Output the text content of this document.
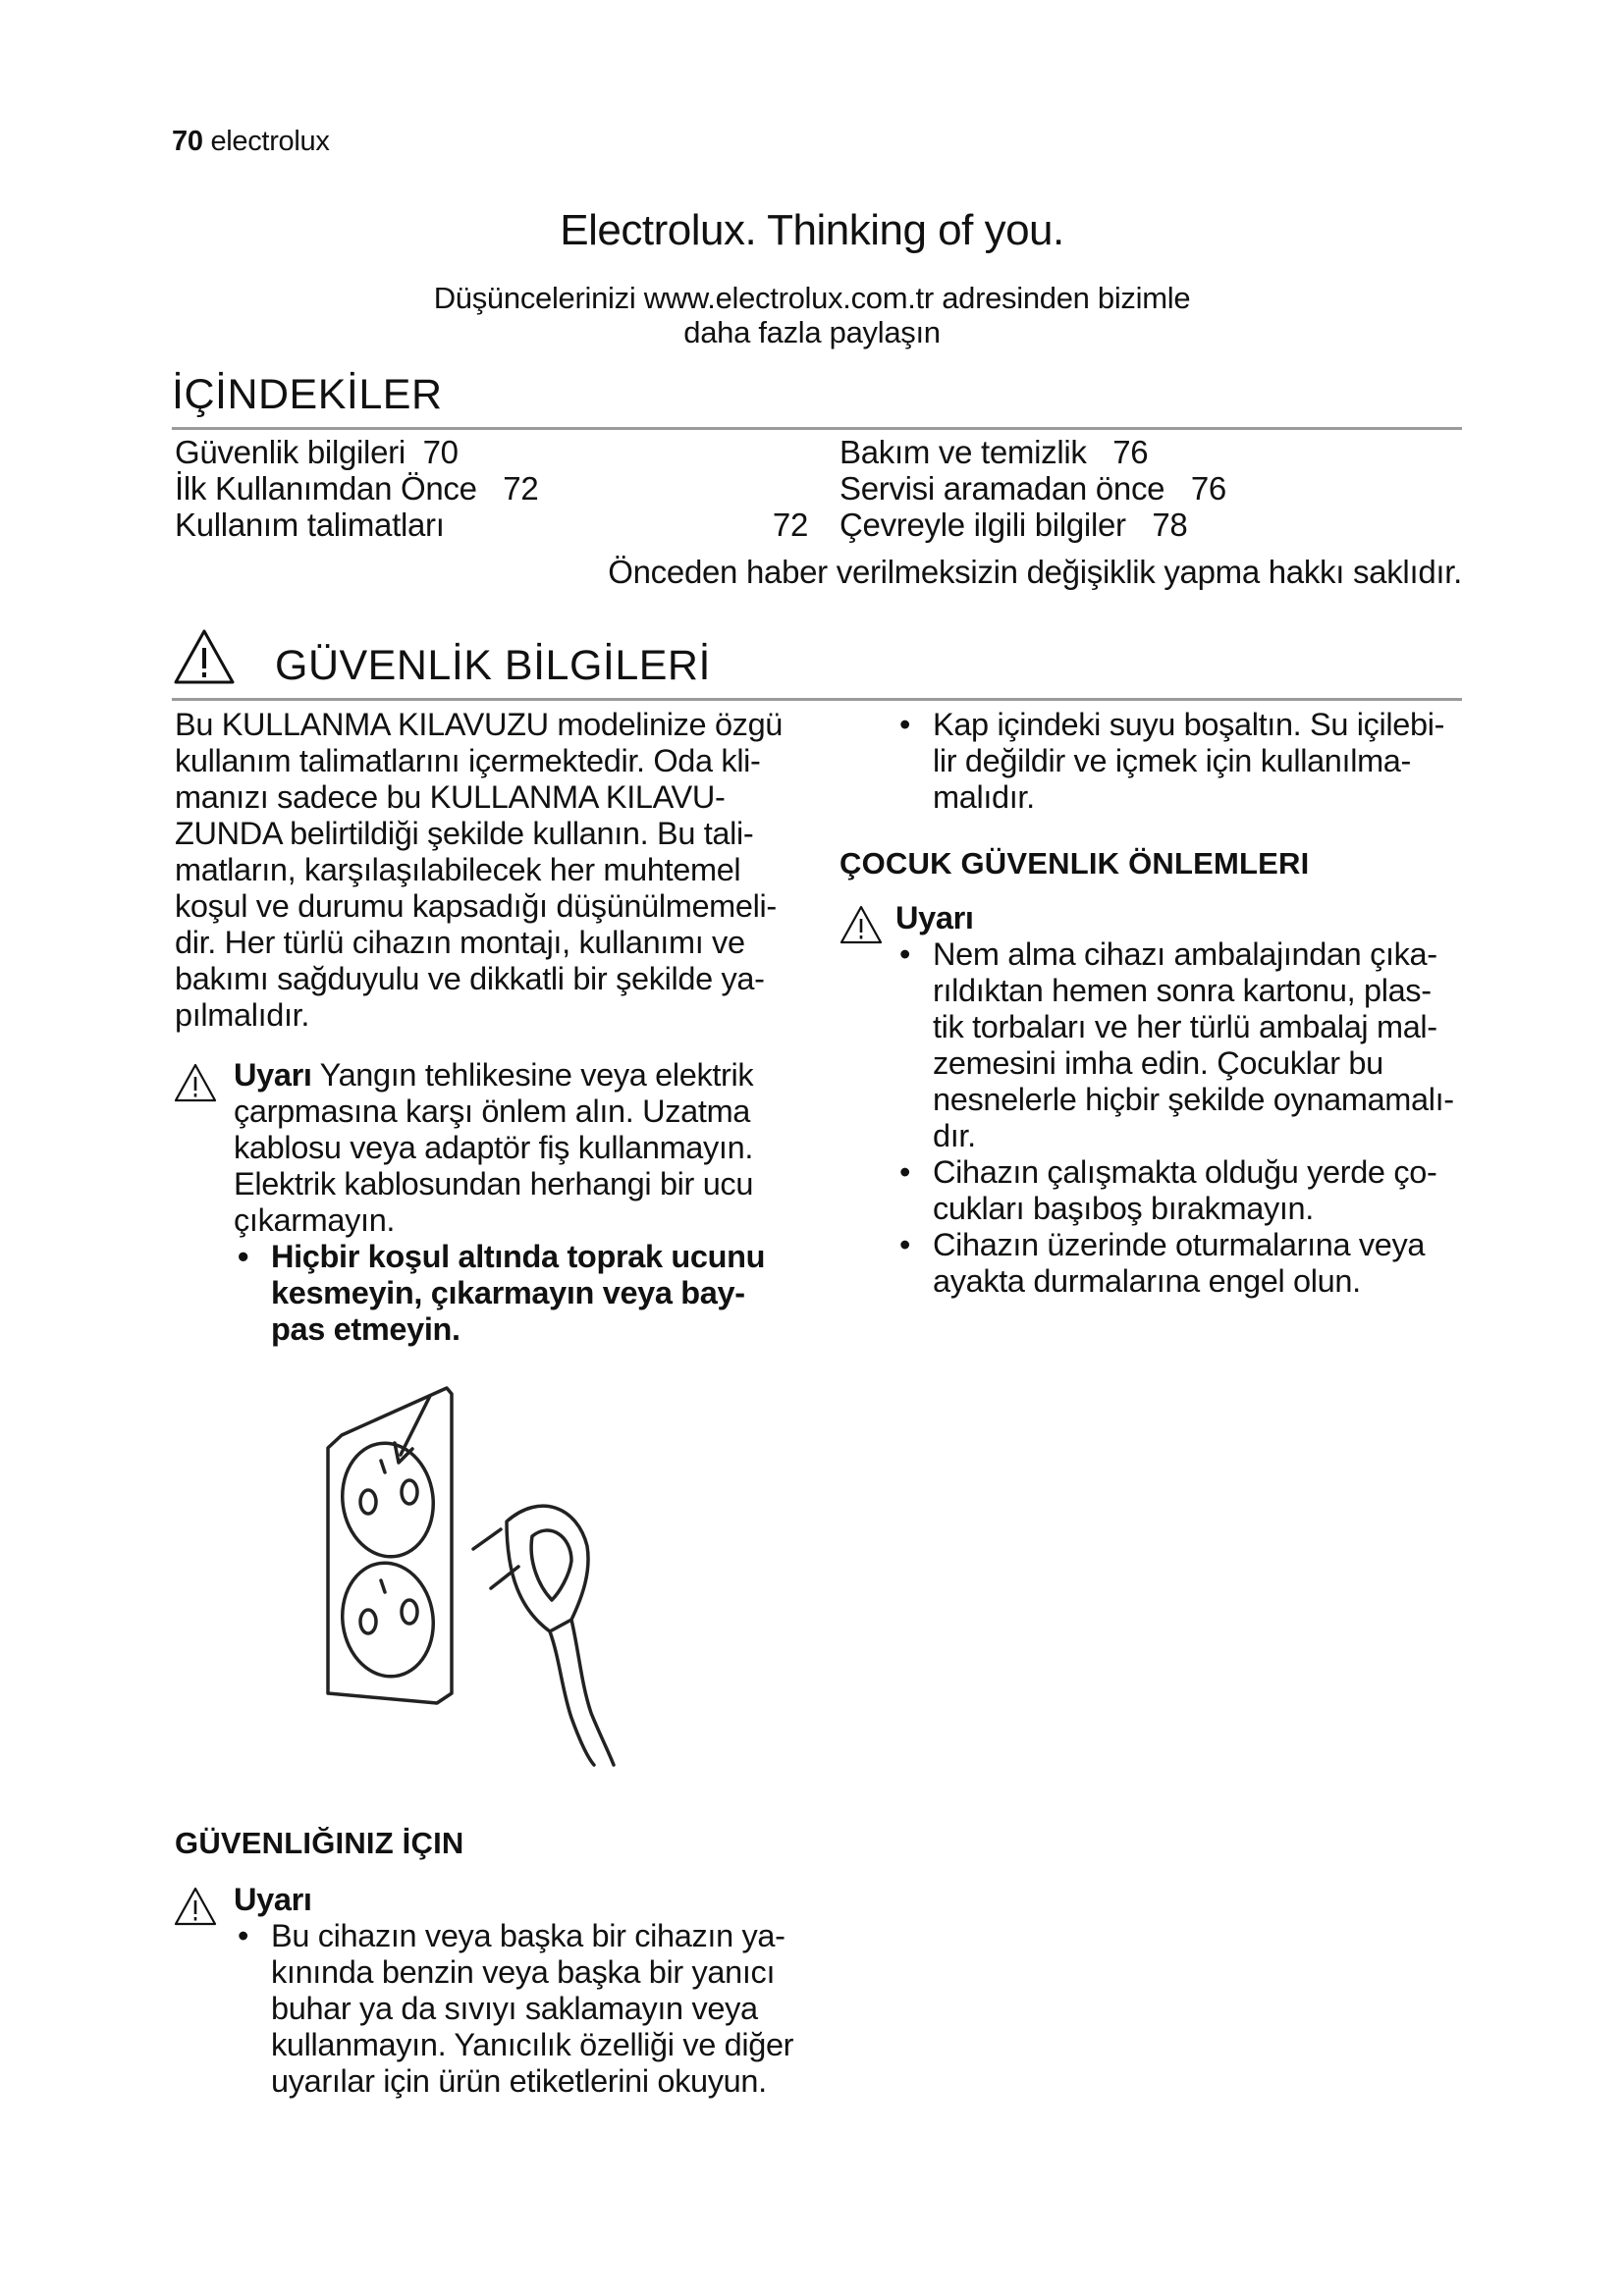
70 electrolux
Electrolux. Thinking of you.
Düşüncelerinizi www.electrolux.com.tr adresinden bizimle
daha fazla paylaşın
İÇİNDEKİLER
Güvenlik bilgileri 70
İlk Kullanımdan Önce 72
Kullanım talimatları	72
Bakım ve temizlik 76
Servisi aramadan önce 76
Çevreyle ilgili bilgiler 78
Önceden haber verilmeksizin değişiklik yapma hakkı saklıdır.
GÜVENLİK BİLGİLERİ
Bu KULLANMA KILAVUZU modelinize özgü
kullanım talimatlarını içermektedir. Oda kli-
manızı sadece bu KULLANMA KILAVU-
ZUNDA belirtildiği şekilde kullanın. Bu tali-
matların, karşılaşılabilecek her muhtemel
koşul ve durumu kapsadığı düşünülmemeli-
dir. Her türlü cihazın montajı, kullanımı ve
bakımı sağduyulu ve dikkatli bir şekilde ya-
pılmalıdır.
Uyarı Yangın tehlikesine veya elektrik
çarpmasına karşı önlem alın. Uzatma
kablosu veya adaptör fiş kullanmayın.
Elektrik kablosundan herhangi bir ucu
çıkarmayın.
• Hiçbir koşul altında toprak ucunu
kesmeyin, çıkarmayın veya bay-
pas etmeyin.
GÜVENLIĞINIZ İÇIN
Uyarı
• Bu cihazın veya başka bir cihazın ya-
kınında benzin veya başka bir yanıcı
buhar ya da sıvıyı saklamayın veya
kullanmayın. Yanıcılık özelliği ve diğer
uyarılar için ürün etiketlerini okuyun.
• Kap içindeki suyu boşaltın. Su içilebi-
lir değildir ve içmek için kullanılma-
malıdır.
ÇOCUK GÜVENLIK ÖNLEMLERI
Uyarı
• Nem alma cihazı ambalajından çıka-
rıldıktan hemen sonra kartonu, plas-
tik torbaları ve her türlü ambalaj mal-
zemesini imha edin. Çocuklar bu
nesnelerle hiçbir şekilde oynamamalı-
dır.
• Cihazın çalışmakta olduğu yerde ço-
cukları başıboş bırakmayın.
• Cihazın üzerinde oturmalarına veya
ayakta durmalarına engel olun.
